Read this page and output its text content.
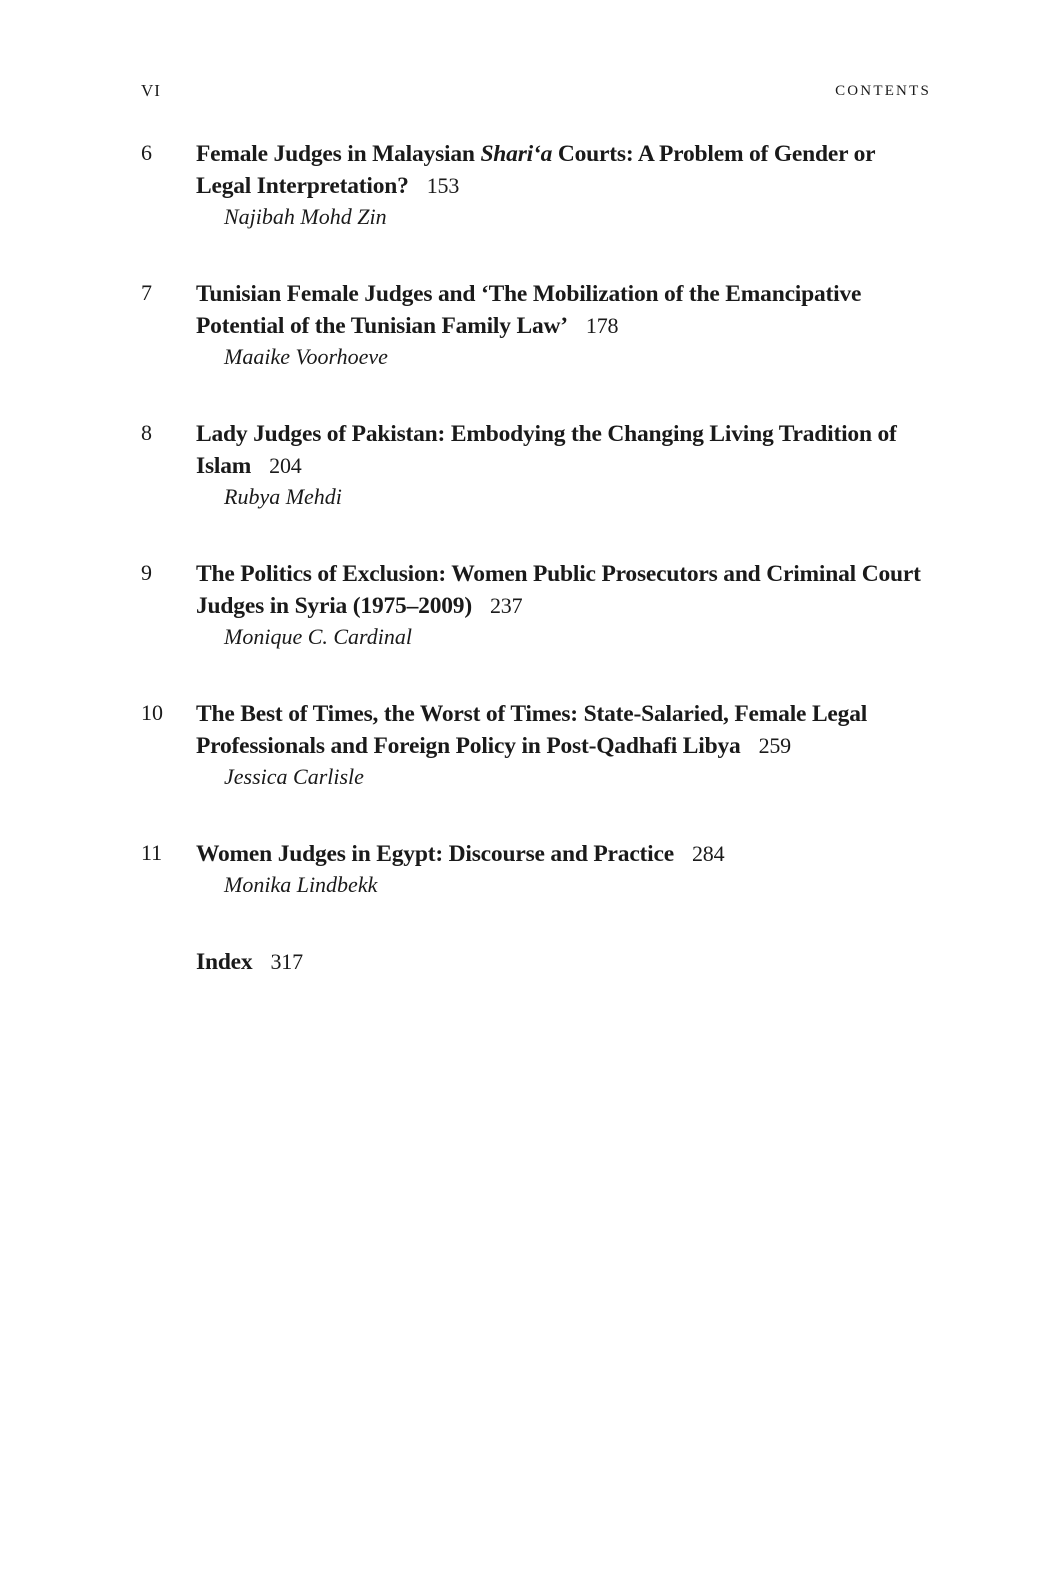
VI	CONTENTS
6	Female Judges in Malaysian Shari‘a Courts: A Problem of Gender or Legal Interpretation? 153
Najibah Mohd Zin
7	Tunisian Female Judges and ‘The Mobilization of the Emancipative Potential of the Tunisian Family Law’ 178
Maaike Voorhoeve
8	Lady Judges of Pakistan: Embodying the Changing Living Tradition of Islam 204
Rubya Mehdi
9	The Politics of Exclusion: Women Public Prosecutors and Criminal Court Judges in Syria (1975–2009) 237
Monique C. Cardinal
10	The Best of Times, the Worst of Times: State-Salaried, Female Legal Professionals and Foreign Policy in Post-Qadhafi Libya 259
Jessica Carlisle
11	Women Judges in Egypt: Discourse and Practice 284
Monika Lindbekk
Index 317
